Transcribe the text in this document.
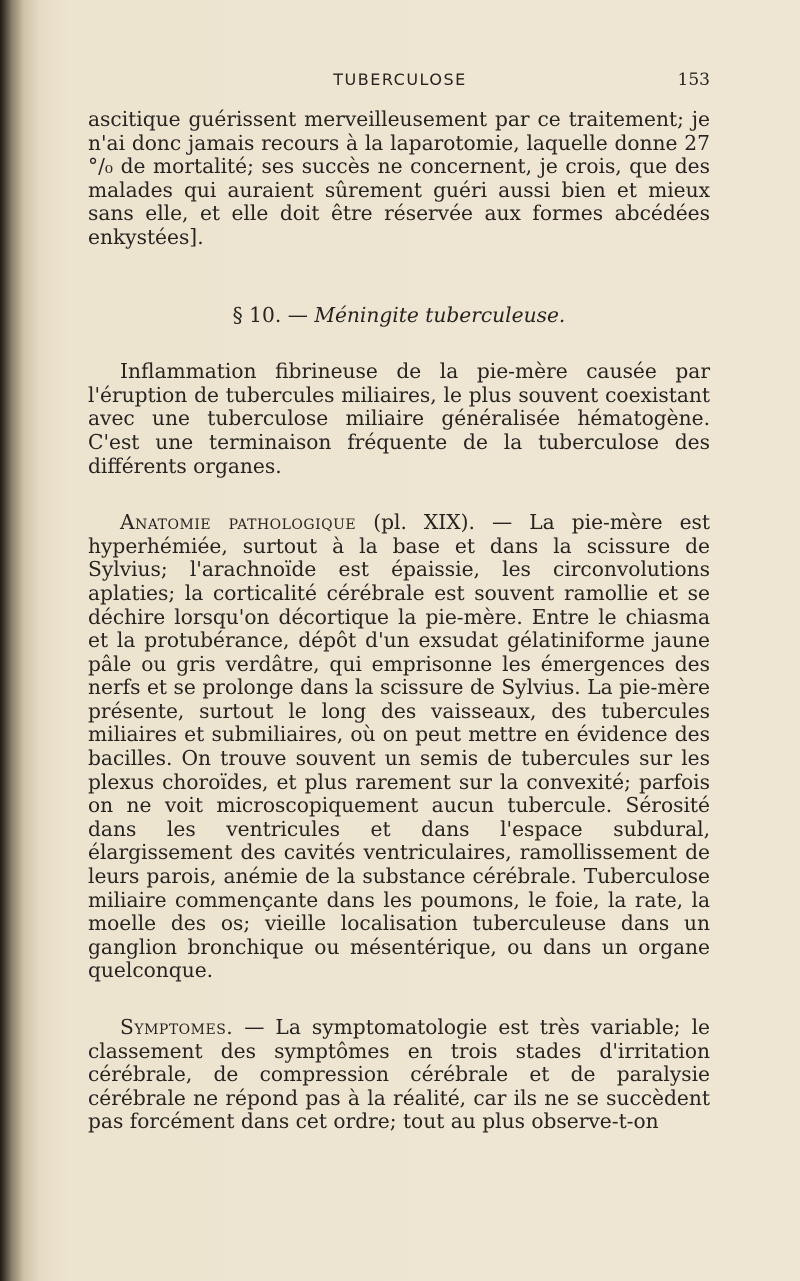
TUBERCULOSE	153

ascitique guérissent merveilleusement par ce traitement; je n'ai donc jamais recours à la laparotomie, laquelle donne 27 °/₀ de mortalité; ses succès ne concernent, je crois, que des malades qui auraient sûrement guéri aussi bien et mieux sans elle, et elle doit être réservée aux formes abcédées enkystées].

§ 10. — Méningite tuberculeuse.

Inflammation fibrineuse de la pie-mère causée par l'éruption de tubercules miliaires, le plus souvent coexistant avec une tuberculose miliaire généralisée hématogène. C'est une terminaison fréquente de la tuberculose des différents organes.

Anatomie pathologique (pl. XIX). — La pie-mère est hyperhémiée, surtout à la base et dans la scissure de Sylvius; l'arachnoïde est épaissie, les circonvolutions aplaties; la corticalité cérébrale est souvent ramollie et se déchire lorsqu'on décortique la pie-mère. Entre le chiasma et la protubérance, dépôt d'un exsudat gélatiniforme jaune pâle ou gris verdâtre, qui emprisonne les émergences des nerfs et se prolonge dans la scissure de Sylvius. La pie-mère présente, surtout le long des vaisseaux, des tubercules miliaires et submiliaires, où on peut mettre en évidence des bacilles. On trouve souvent un semis de tubercules sur les plexus choroïdes, et plus rarement sur la convexité; parfois on ne voit microscopiquement aucun tubercule. Sérosité dans les ventricules et dans l'espace subdural, élargissement des cavités ventriculaires, ramollissement de leurs parois, anémie de la substance cérébrale. Tuberculose miliaire commençante dans les poumons, le foie, la rate, la moelle des os; vieille localisation tuberculeuse dans un ganglion bronchique ou mésentérique, ou dans un organe quelconque.

Symptomes. — La symptomatologie est très variable; le classement des symptômes en trois stades d'irritation cérébrale, de compression cérébrale et de paralysie cérébrale ne répond pas à la réalité, car ils ne se succèdent pas forcément dans cet ordre; tout au plus observe-t-on
